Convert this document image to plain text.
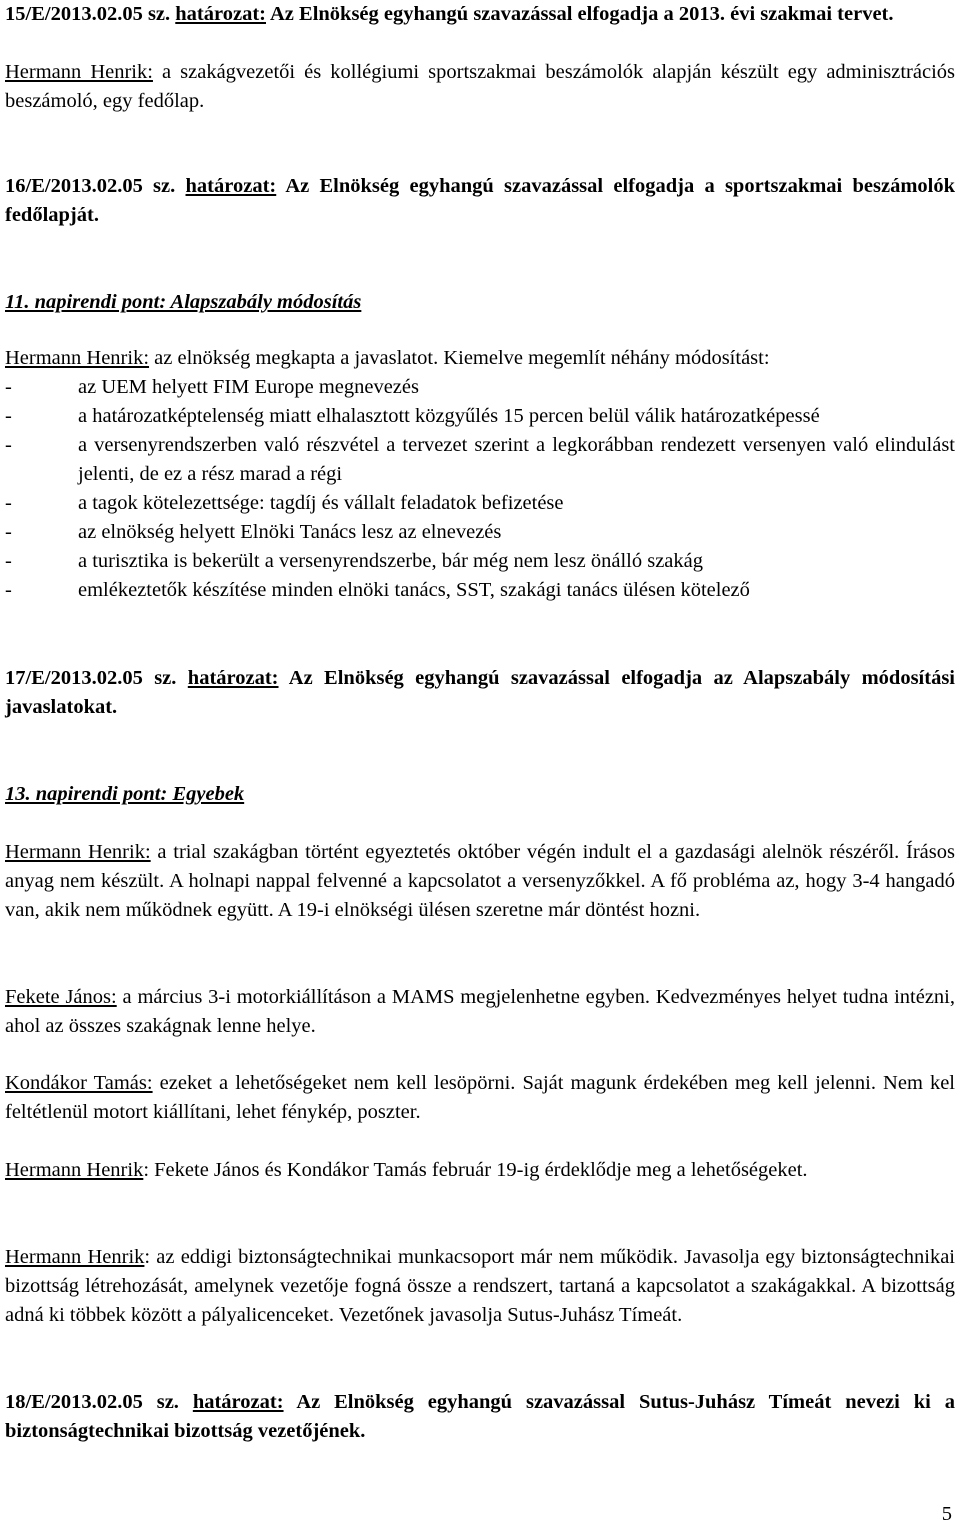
15/E/2013.02.05 sz. határozat: Az Elnökség egyhangú szavazással elfogadja a 2013. évi szakmai tervet.

Hermann Henrik: a szakágvezetői és kollégiumi sportszakmai beszámolók alapján készült egy adminisztrációs beszámoló, egy fedőlap.

16/E/2013.02.05 sz. határozat: Az Elnökség egyhangú szavazással elfogadja a sportszakmai beszámolók fedőlapját.

11. napirendi pont: Alapszabály módosítás

Hermann Henrik: az elnökség megkapta a javaslatot. Kiemelve megemlít néhány módosítást:

- az UEM helyett FIM Europe megnevezés
- a határozatképtelenség miatt elhalasztott közgyűlés 15 percen belül válik határozatképessé
- a versenyrendszerben való részvétel a tervezet szerint a legkorábban rendezett versenyen való elindulást jelenti, de ez a rész marad a régi
- a tagok kötelezettsége: tagdíj és vállalt feladatok befizetése
- az elnökség helyett Elnöki Tanács lesz az elnevezés
- a turisztika is bekerült a versenyrendszerbe, bár még nem lesz önálló szakág
- emlékeztetők készítése minden elnöki tanács, SST, szakági tanács ülésen kötelező

17/E/2013.02.05 sz. határozat: Az Elnökség egyhangú szavazással elfogadja az Alapszabály módosítási javaslatokat.

13. napirendi pont: Egyebek

Hermann Henrik: a trial szakágban történt egyeztetés október végén indult el a gazdasági alelnök részéről. Írásos anyag nem készült. A holnapi nappal felvenné a kapcsolatot a versenyzőkkel. A fő probléma az, hogy 3-4 hangadó van, akik nem működnek együtt. A 19-i elnökségi ülésen szeretne már döntést hozni.

Fekete János: a március 3-i motorkiállításon a MAMS megjelenhetne egyben. Kedvezményes helyet tudna intézni, ahol az összes szakágnak lenne helye.

Kondákor Tamás: ezeket a lehetőségeket nem kell lesöpörni. Saját magunk érdekében meg kell jelenni. Nem kel feltétlenül motort kiállítani, lehet fénykép, poszter.

Hermann Henrik: Fekete János és Kondákor Tamás február 19-ig érdeklődje meg a lehetőségeket.

Hermann Henrik: az eddigi biztonságtechnikai munkacsoport már nem működik. Javasolja egy biztonságtechnikai bizottság létrehozását, amelynek vezetője fogná össze a rendszert, tartaná a kapcsolatot a szakágakkal. A bizottság adná ki többek között a pályalicenceket. Vezetőnek javasolja Sutus-Juhász Tímeát.

18/E/2013.02.05 sz. határozat: Az Elnökség egyhangú szavazással Sutus-Juhász Tímeát nevezi ki a biztonságtechnikai bizottság vezetőjének.

5
